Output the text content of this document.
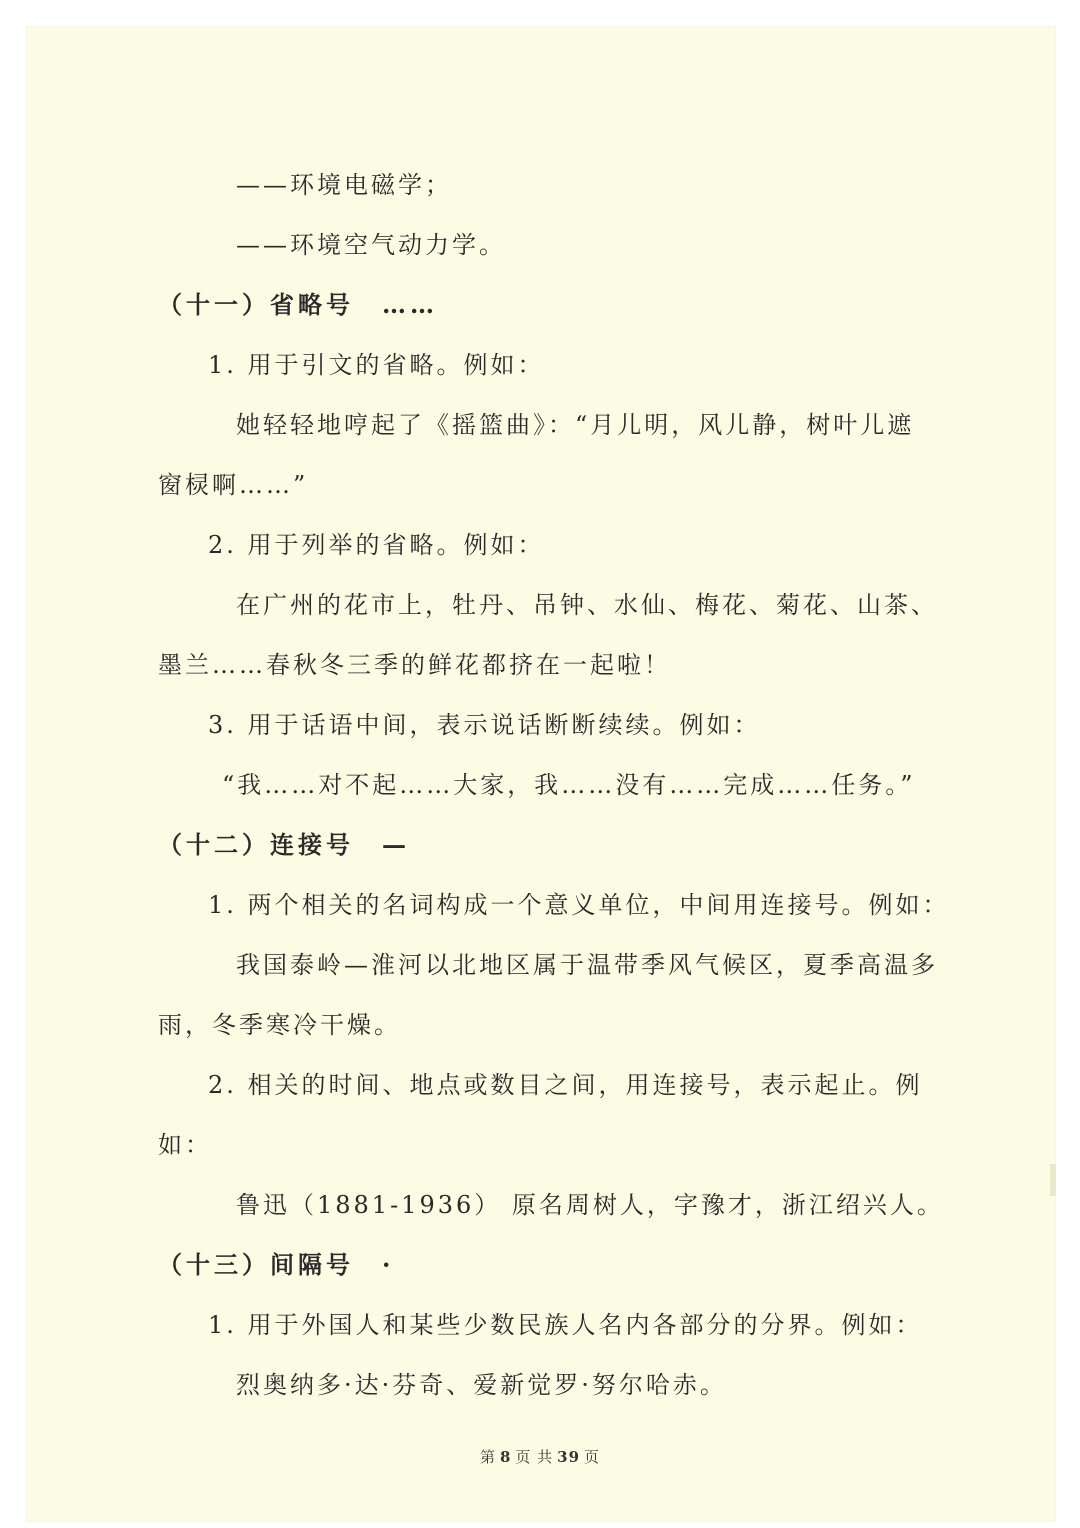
——环境电磁学；
——环境空气动力学。
（十一）省略号 ……
1. 用于引文的省略。例如：
她轻轻地哼起了《摇篮曲》：“月儿明，风儿静，树叶儿遮
窗棂啊……”
2. 用于列举的省略。例如：
在广州的花市上，牡丹、吊钟、水仙、梅花、菊花、山茶、
墨兰……春秋冬三季的鲜花都挤在一起啦！
3. 用于话语中间，表示说话断断续续。例如：
“我……对不起……大家，我……没有……完成……任务。”
（十二）连接号 —
1. 两个相关的名词构成一个意义单位，中间用连接号。例如：
我国泰岭—淮河以北地区属于温带季风气候区，夏季高温多
雨，冬季寒冷干燥。
2. 相关的时间、地点或数目之间，用连接号，表示起止。例
如：
鲁迅（1881-1936） 原名周树人，字豫才，浙江绍兴人。
（十三）间隔号 ·
1. 用于外国人和某些少数民族人名内各部分的分界。例如：
烈奥纳多·达·芬奇、爱新觉罗·努尔哈赤。
第 8 页 共 39 页
